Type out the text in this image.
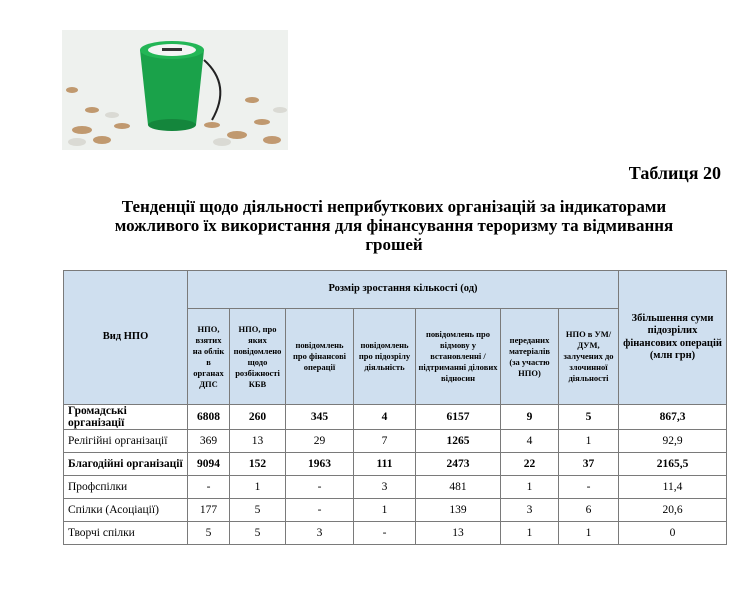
Таблиця 20
Тенденції щодо діяльності неприбуткових організацій за індикаторами
можливого їх використання для фінансування тероризму та відмивання
грошей
Вид НПО	Розмір зростання кількості (од)							Збільшення суми підозрілих фінансових операцій (млн грн)
	НПО, взятих на облік в органах ДПС	НПО, про яких повідомлено щодо розбіжності КБВ	повідомлень про фінансові операції	повідомлень про підозрілу діяльність	повідомлень про відмову у встановленні / підтриманні ділових відносин	переданих матеріалів (за участю НПО)	НПО в УМ/ДУМ, залучених до злочинної діяльності	
Громадські організації	6808	260	345	4	6157	9	5	867,3
Релігійні організації	369	13	29	7	1265	4	1	92,9
Благодійні організації	9094	152	1963	111	2473	22	37	2165,5
Профспілки	-	1	-	3	481	1	-	11,4
Спілки (Асоціації)	177	5	-	1	139	3	6	20,6
Творчі спілки	5	5	3	-	13	1	1	0
